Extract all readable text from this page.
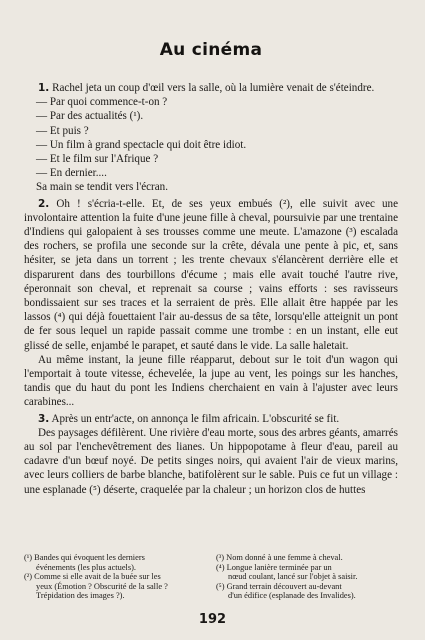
Au cinéma

1. Rachel jeta un coup d'œil vers la salle, où la lumière venait de s'éteindre.

— Par quoi commence-t-on ?

— Par des actualités (¹).

— Et puis ?

— Un film à grand spectacle qui doit être idiot.

— Et le film sur l'Afrique ?

— En dernier....

Sa main se tendit vers l'écran.

2. Oh ! s'écria-t-elle. Et, de ses yeux embués (²), elle suivit avec une involontaire attention la fuite d'une jeune fille à cheval, poursuivie par une trentaine d'Indiens qui galopaient à ses trousses comme une meute. L'amazone (³) escalada des rochers, se profila une seconde sur la crête, dévala une pente à pic, et, sans hésiter, se jeta dans un torrent ; les trente chevaux s'élancèrent derrière elle et disparurent dans des tourbillons d'écume ; mais elle avait touché l'autre rive, éperonnait son cheval, et reprenait sa course ; vains efforts : ses ravisseurs bondissaient sur ses traces et la serraient de près. Elle allait être happée par les lassos (⁴) qui déjà fouettaient l'air au-dessus de sa tête, lorsqu'elle atteignit un pont de fer sous lequel un rapide passait comme une trombe : en un instant, elle eut glissé de selle, enjambé le parapet, et sauté dans le vide. La salle haletait.

Au même instant, la jeune fille réapparut, debout sur le toit d'un wagon qui l'emportait à toute vitesse, échevelée, la jupe au vent, les poings sur les hanches, tandis que du haut du pont les Indiens cherchaient en vain à l'ajuster avec leurs carabines...

3. Après un entr'acte, on annonça le film africain. L'obscurité se fit.

Des paysages défilèrent. Une rivière d'eau morte, sous des arbres géants, amarrés au sol par l'enchevêtrement des lianes. Un hippopotame à fleur d'eau, pareil au cadavre d'un bœuf noyé. De petits singes noirs, qui avaient l'air de vieux marins, avec leurs colliers de barbe blanche, batifolèrent sur le sable. Puis ce fut un village : une esplanade (⁵) déserte, craquelée par la chaleur ; un horizon clos de huttes

(¹) Bandes qui évoquent les derniers

événements (les plus actuels).

(²) Comme si elle avait de la buée sur les

yeux (Émotion ? Obscurité de la salle ?

Trépidation des images ?).

(³) Nom donné à une femme à cheval.

(⁴) Longue lanière terminée par un

nœud coulant, lancé sur l'objet à saisir.

(⁵) Grand terrain découvert au-devant

d'un édifice (esplanade des Invalides).

192
